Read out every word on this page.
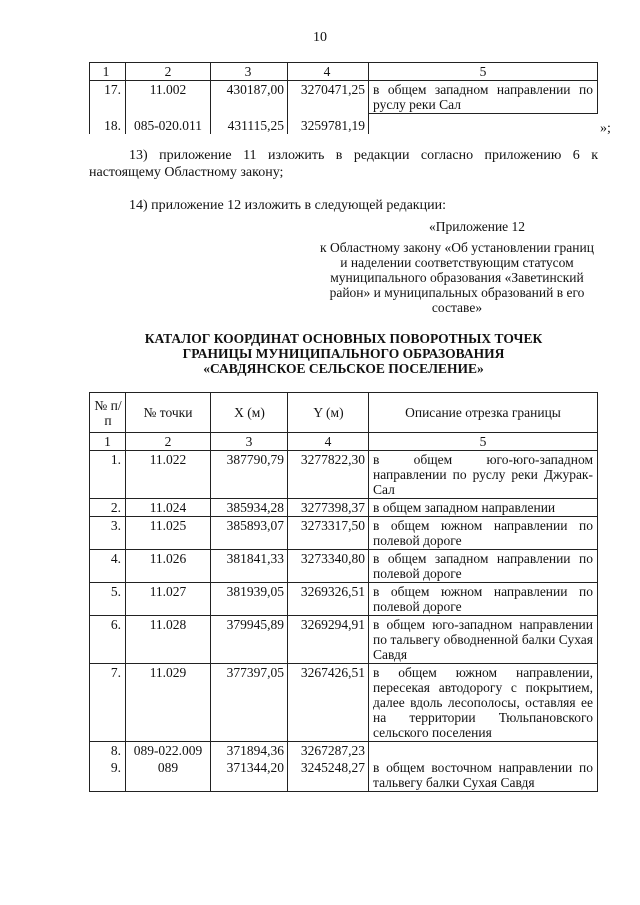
10
1	2	3	4	5
17.	11.002	430187,00	3270471,25	в общем западном направлении по руслу реки Сал
18.	085-020.011	431115,25	3259781,19		»;
13) приложение 11 изложить в редакции согласно приложению 6 к настоящему Областному закону;
14) приложение 12 изложить в следующей редакции:
«Приложение 12
к Областному закону «Об установлении границ и наделении соответствующим статусом муниципального образования «Заветинский район» и муниципальных образований в его составе»
КАТАЛОГ КООРДИНАТ ОСНОВНЫХ ПОВОРОТНЫХ ТОЧЕК
ГРАНИЦЫ МУНИЦИПАЛЬНОГО ОБРАЗОВАНИЯ
«САВДЯНСКОЕ СЕЛЬСКОЕ ПОСЕЛЕНИЕ»
№ п/п	№ точки	X (м)	Y (м)	Описание отрезка границы
1	2	3	4	5
1.	11.022	387790,79	3277822,30	в общем юго-юго-западном направлении по руслу реки Джурак-Сал
2.	11.024	385934,28	3277398,37	в общем западном направлении
3.	11.025	385893,07	3273317,50	в общем южном направлении по полевой дороге
4.	11.026	381841,33	3273340,80	в общем западном направлении по полевой дороге
5.	11.027	381939,05	3269326,51	в общем южном направлении по полевой дороге
6.	11.028	379945,89	3269294,91	в общем юго-западном направлении по тальвегу обводненной балки Сухая Савдя
7.	11.029	377397,05	3267426,51	в общем южном направлении, пересекая автодорогу с покрытием, далее вдоль лесополосы, оставляя ее на территории Тюльпановского сельского поселения
8.	089-022.009	371894,36	3267287,23	
9.	089	371344,20	3245248,27	в общем восточном направлении по тальвегу балки Сухая Савдя
